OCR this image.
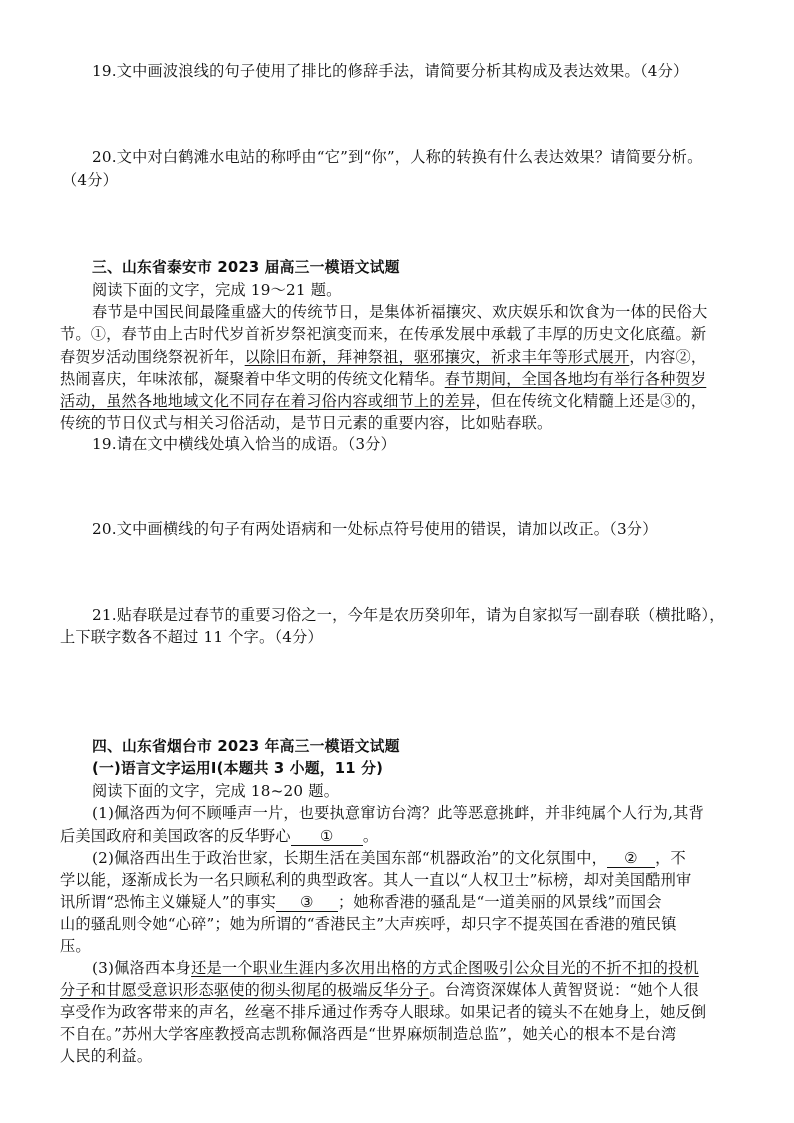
19.文中画波浪线的句子使用了排比的修辞手法，请简要分析其构成及表达效果。（4分）
20.文中对白鹤滩水电站的称呼由“它”到“你”，人称的转换有什么表达效果？请简要分析。
（4分）
三、山东省泰安市 2023 届高三一模语文试题
阅读下面的文字，完成 19～21 题。
春节是中国民间最隆重盛大的传统节日，是集体祈福攘灾、欢庆娱乐和饮食为一体的民俗大
节。①，春节由上古时代岁首祈岁祭祀演变而来，在传承发展中承载了丰厚的历史文化底蕴。新
春贺岁活动围绕祭祝祈年，以除旧布新，拜神祭祖，驱邪攘灾，祈求丰年等形式展开，内容②，
热闹喜庆，年味浓郁，凝聚着中华文明的传统文化精华。春节期间，全国各地均有举行各种贺岁
活动，虽然各地地域文化不同存在着习俗内容或细节上的差异，但在传统文化精髓上还是③的，
传统的节日仪式与相关习俗活动，是节日元素的重要内容，比如贴春联。
19.请在文中横线处填入恰当的成语。（3分）
20.文中画横线的句子有两处语病和一处标点符号使用的错误，请加以改正。（3分）
21.贴春联是过春节的重要习俗之一，今年是农历癸卯年，请为自家拟写一副春联（横批略），
上下联字数各不超过 11 个字。（4分）
四、山东省烟台市 2023 年高三一模语文试题
(一)语言文字运用Ⅰ(本题共 3 小题，11 分)
阅读下面的文字，完成 18~20 题。
(1)佩洛西为何不顾唾声一片，也要执意窜访台湾？此等恶意挑衅，并非纯属个人行为,其背
后美国政府和美国政客的反华野心 ① 。
(2)佩洛西出生于政治世家，长期生活在美国东部“机器政治”的文化氛围中， ② ，不
学以能，逐渐成长为一名只顾私利的典型政客。其人一直以“人权卫士”标榜，却对美国酷刑审
讯所谓“恐怖主义嫌疑人”的事实 ③ ；她称香港的骚乱是“一道美丽的风景线”而国会
山的骚乱则令她“心碎”；她为所谓的“香港民主”大声疾呼，却只字不提英国在香港的殖民镇
压。
(3)佩洛西本身还是一个职业生涯内多次用出格的方式企图吸引公众目光的不折不扣的投机
分子和甘愿受意识形态驱使的彻头彻尾的极端反华分子。台湾资深媒体人黄智贤说：“她个人很
享受作为政客带来的声名，丝毫不排斥通过作秀夺人眼球。如果记者的镜头不在她身上，她反倒
不自在。”苏州大学客座教授高志凯称佩洛西是“世界麻烦制造总监”，她关心的根本不是台湾
人民的利益。
